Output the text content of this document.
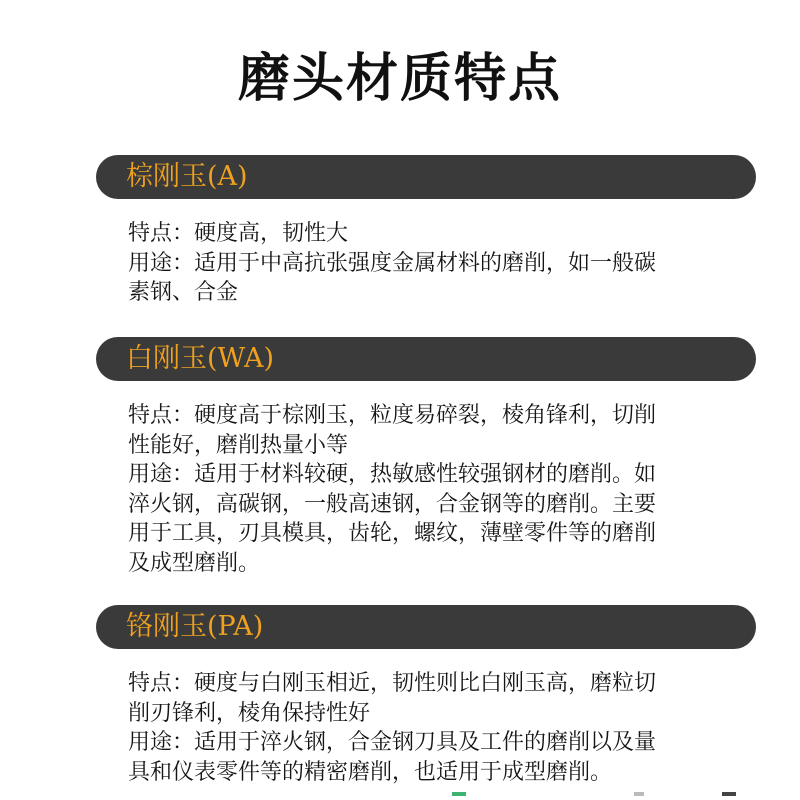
磨头材质特点
棕刚玉(A)

特点：硬度高，韧性大

用途：适用于中高抗张强度金属材料的磨削，如一般碳

素钢、合金

白刚玉(WA)

特点：硬度高于棕刚玉，粒度易碎裂，棱角锋利，切削

性能好，磨削热量小等

用途：适用于材料较硬，热敏感性较强钢材的磨削。如

淬火钢，高碳钢，一般高速钢，合金钢等的磨削。主要

用于工具，刃具模具，齿轮，螺纹，薄壁零件等的磨削

及成型磨削。

铬刚玉(PA)

特点：硬度与白刚玉相近，韧性则比白刚玉高，磨粒切

削刃锋利，棱角保持性好

用途：适用于淬火钢，合金钢刀具及工件的磨削以及量

具和仪表零件等的精密磨削，也适用于成型磨削。
